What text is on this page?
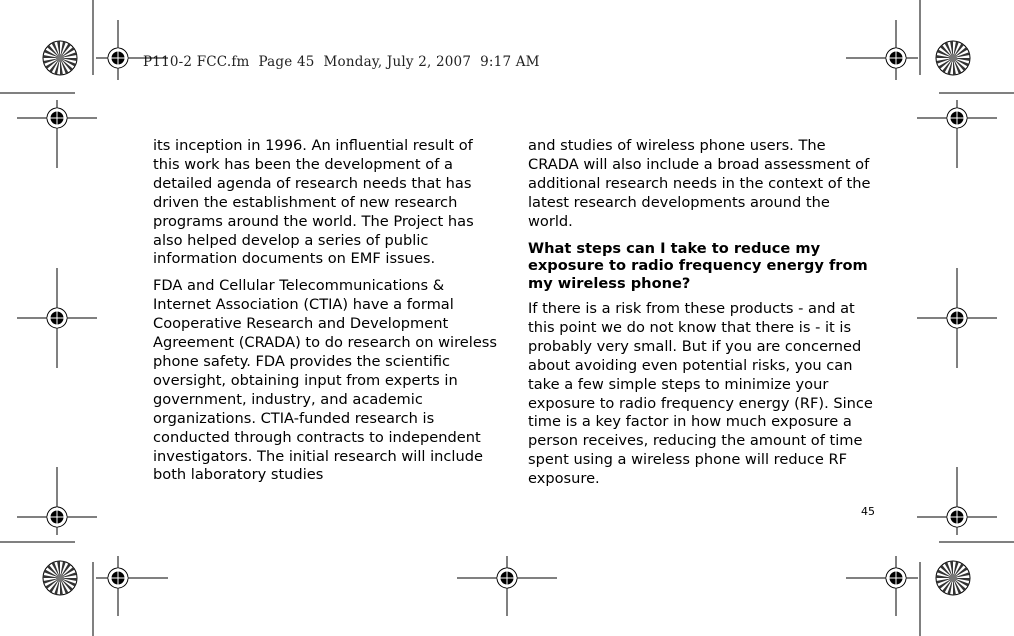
P110-2 FCC.fm  Page 45  Monday, July 2, 2007  9:17 AM

its inception in 1996. An influential result of this work has been the development of a detailed agenda of research needs that has driven the establishment of new research programs around the world. The Project has also helped develop a series of public information documents on EMF issues.

FDA and Cellular Telecommunications & Internet Association (CTIA) have a formal Cooperative Research and Development Agreement (CRADA) to do research on wireless phone safety. FDA provides the scientific oversight, obtaining input from experts in government, industry, and academic organizations. CTIA-funded research is conducted through contracts to independent investigators. The initial research will include both laboratory studies

and studies of wireless phone users. The CRADA will also include a broad assessment of additional research needs in the context of the latest research developments around the world.

What steps can I take to reduce my exposure to radio frequency energy from my wireless phone?

If there is a risk from these products - and at this point we do not know that there is - it is probably very small. But if you are concerned about avoiding even potential risks, you can take a few simple steps to minimize your exposure to radio frequency energy (RF). Since time is a key factor in how much exposure a person receives, reducing the amount of time spent using a wireless phone will reduce RF exposure.

45
